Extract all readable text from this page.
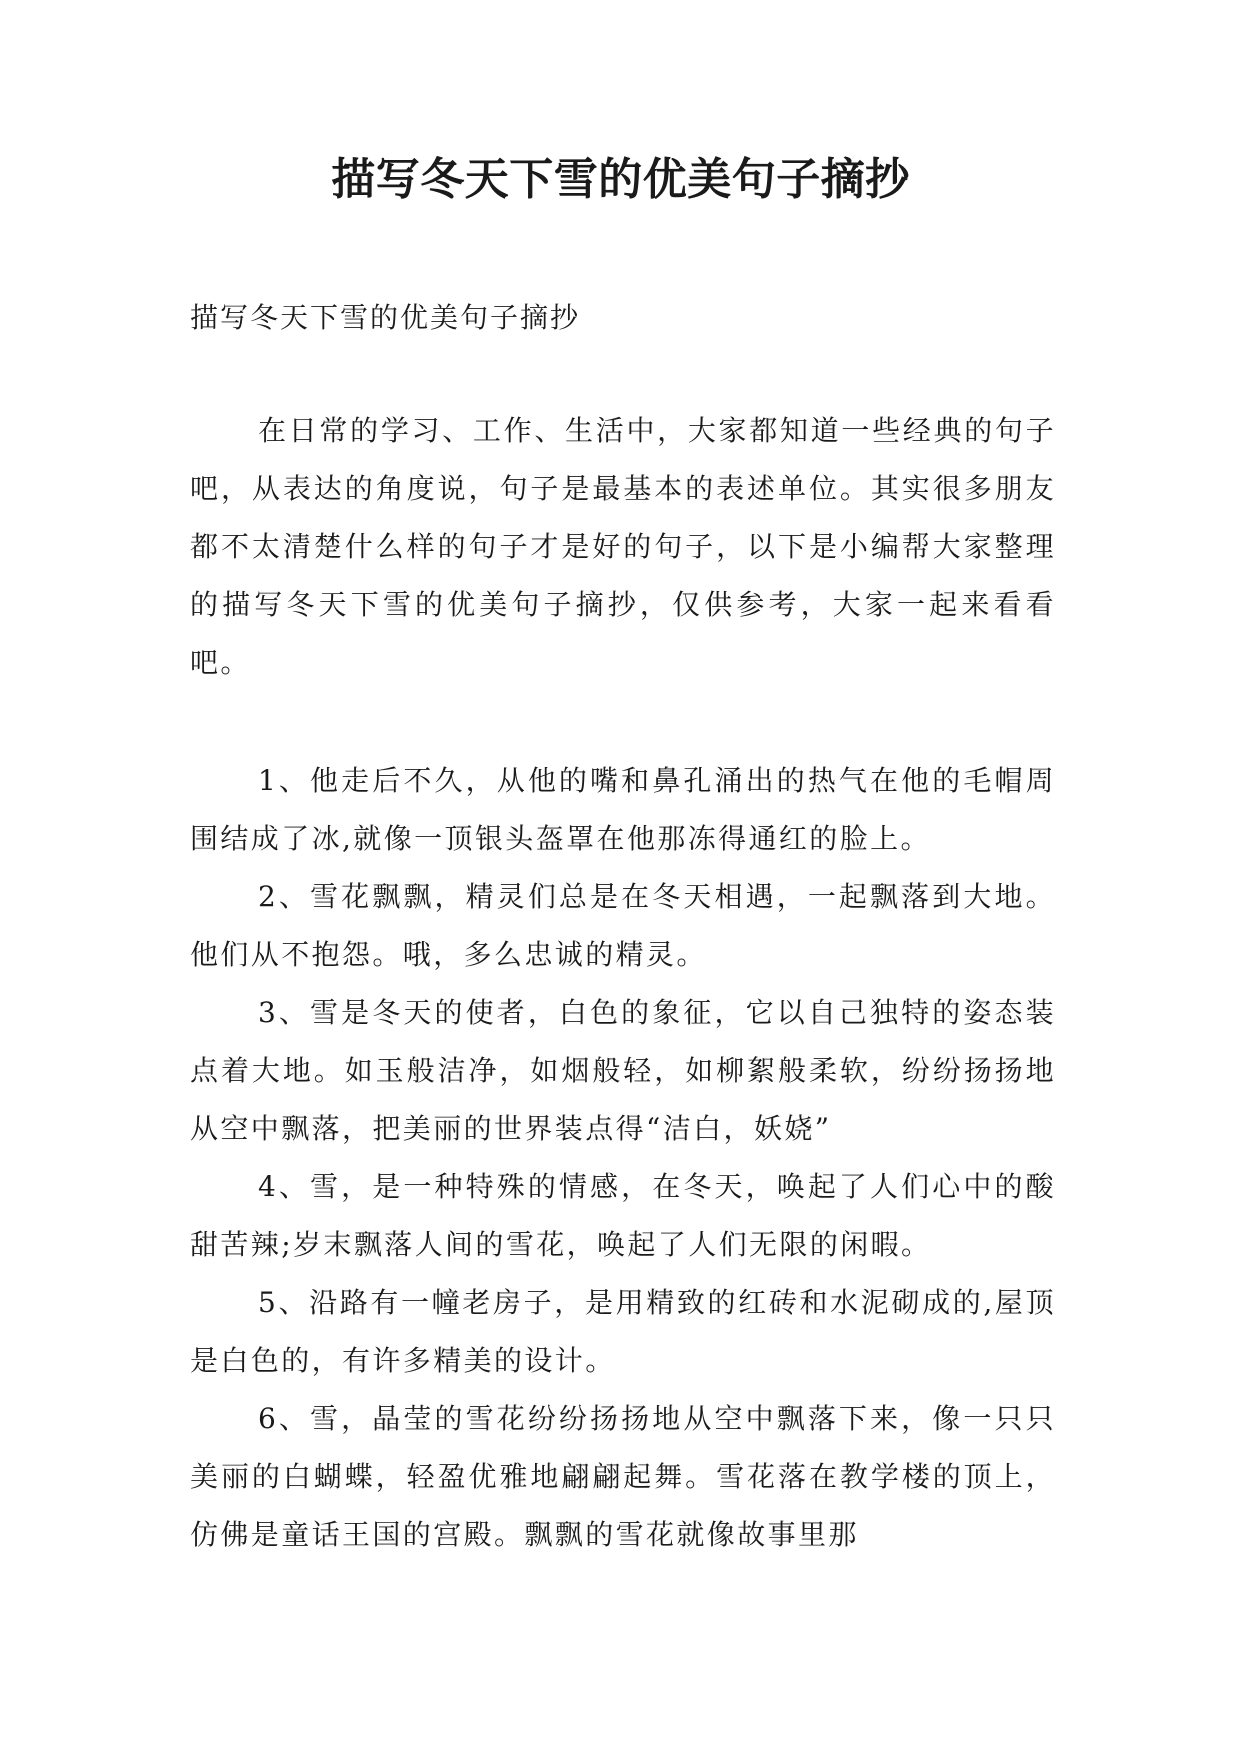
描写冬天下雪的优美句子摘抄

描写冬天下雪的优美句子摘抄

在日常的学习、工作、生活中，大家都知道一些经典的句子吧，从表达的角度说，句子是最基本的表述单位。其实很多朋友都不太清楚什么样的句子才是好的句子，以下是小编帮大家整理的描写冬天下雪的优美句子摘抄，仅供参考，大家一起来看看吧。

1、他走后不久，从他的嘴和鼻孔涌出的热气在他的毛帽周围结成了冰,就像一顶银头盔罩在他那冻得通红的脸上。

2、雪花飘飘，精灵们总是在冬天相遇，一起飘落到大地。他们从不抱怨。哦，多么忠诚的精灵。

3、雪是冬天的使者，白色的象征，它以自己独特的姿态装点着大地。如玉般洁净，如烟般轻，如柳絮般柔软，纷纷扬扬地从空中飘落，把美丽的世界装点得“洁白，妖娆”

4、雪，是一种特殊的情感，在冬天，唤起了人们心中的酸甜苦辣;岁末飘落人间的雪花，唤起了人们无限的闲暇。

5、沿路有一幢老房子，是用精致的红砖和水泥砌成的,屋顶是白色的，有许多精美的设计。

6、雪，晶莹的雪花纷纷扬扬地从空中飘落下来，像一只只美丽的白蝴蝶，轻盈优雅地翩翩起舞。雪花落在教学楼的顶上，仿佛是童话王国的宫殿。飘飘的雪花就像故事里那
